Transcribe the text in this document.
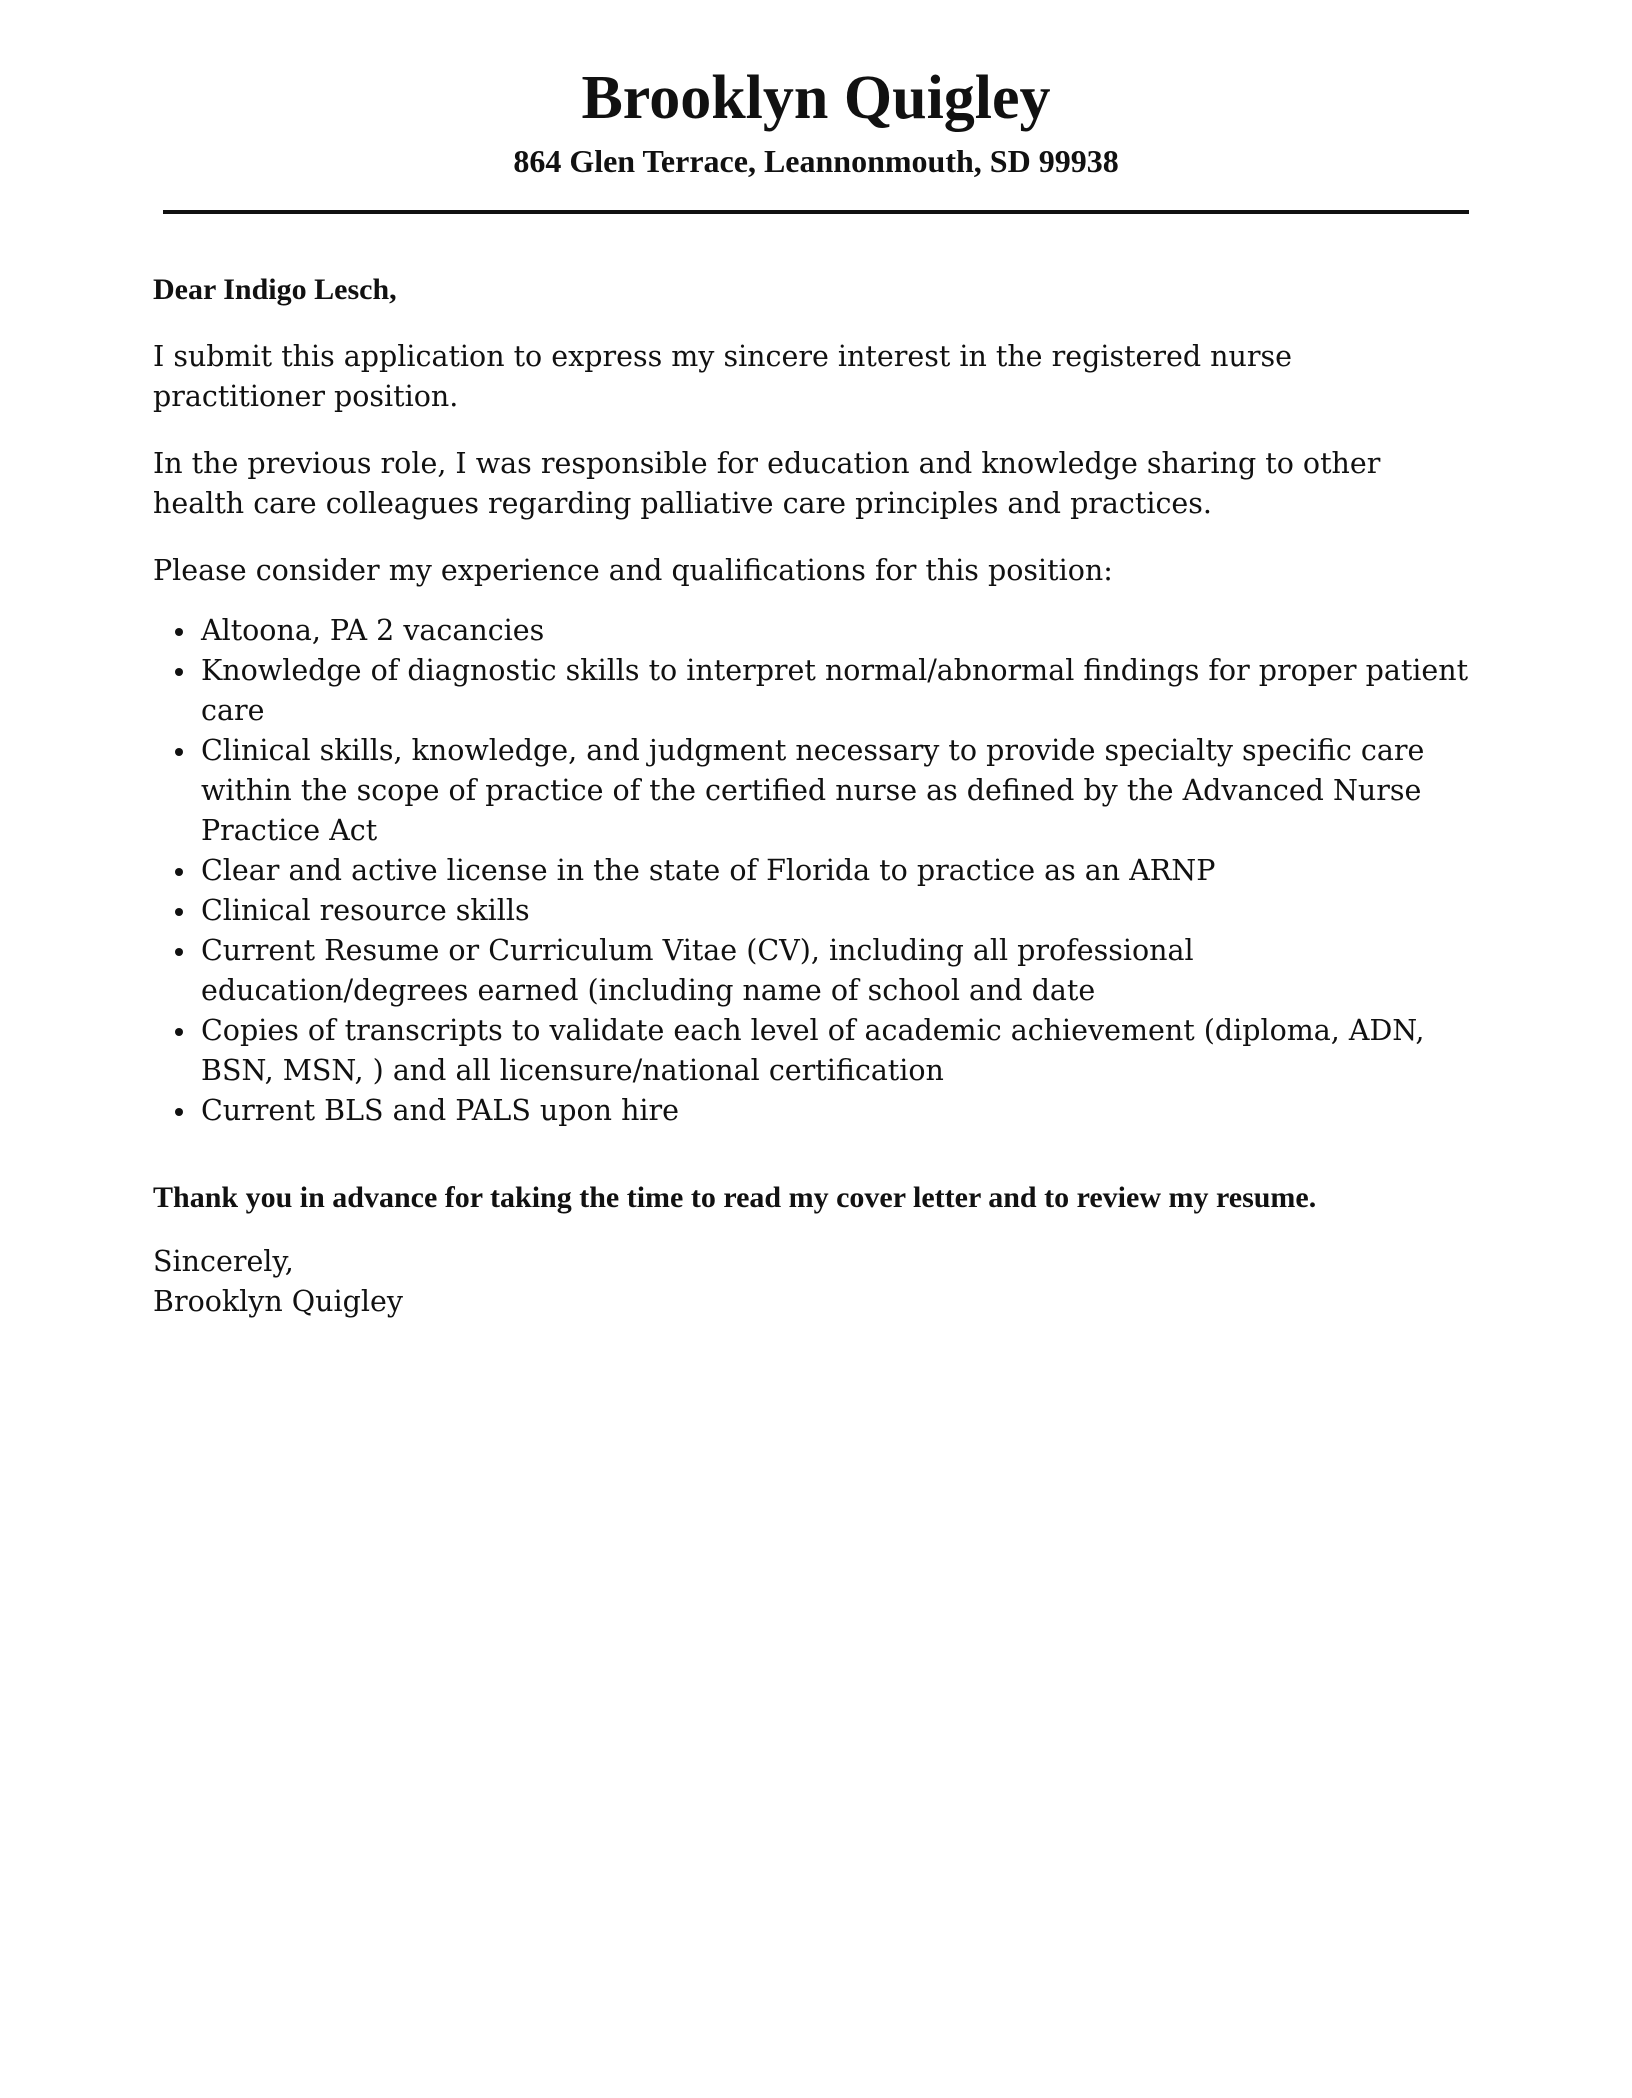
Brooklyn Quigley
864 Glen Terrace, Leannonmouth, SD 99938

Dear Indigo Lesch,

I submit this application to express my sincere interest in the registered nurse practitioner position.

In the previous role, I was responsible for education and knowledge sharing to other health care colleagues regarding palliative care principles and practices.

Please consider my experience and qualifications for this position:

Altoona, PA 2 vacancies
Knowledge of diagnostic skills to interpret normal/abnormal findings for proper patient care
Clinical skills, knowledge, and judgment necessary to provide specialty specific care within the scope of practice of the certified nurse as defined by the Advanced Nurse Practice Act
Clear and active license in the state of Florida to practice as an ARNP
Clinical resource skills
Current Resume or Curriculum Vitae (CV), including all professional education/degrees earned (including name of school and date
Copies of transcripts to validate each level of academic achievement (diploma, ADN, BSN, MSN, ) and all licensure/national certification
Current BLS and PALS upon hire

Thank you in advance for taking the time to read my cover letter and to review my resume.

Sincerely,

Brooklyn Quigley
